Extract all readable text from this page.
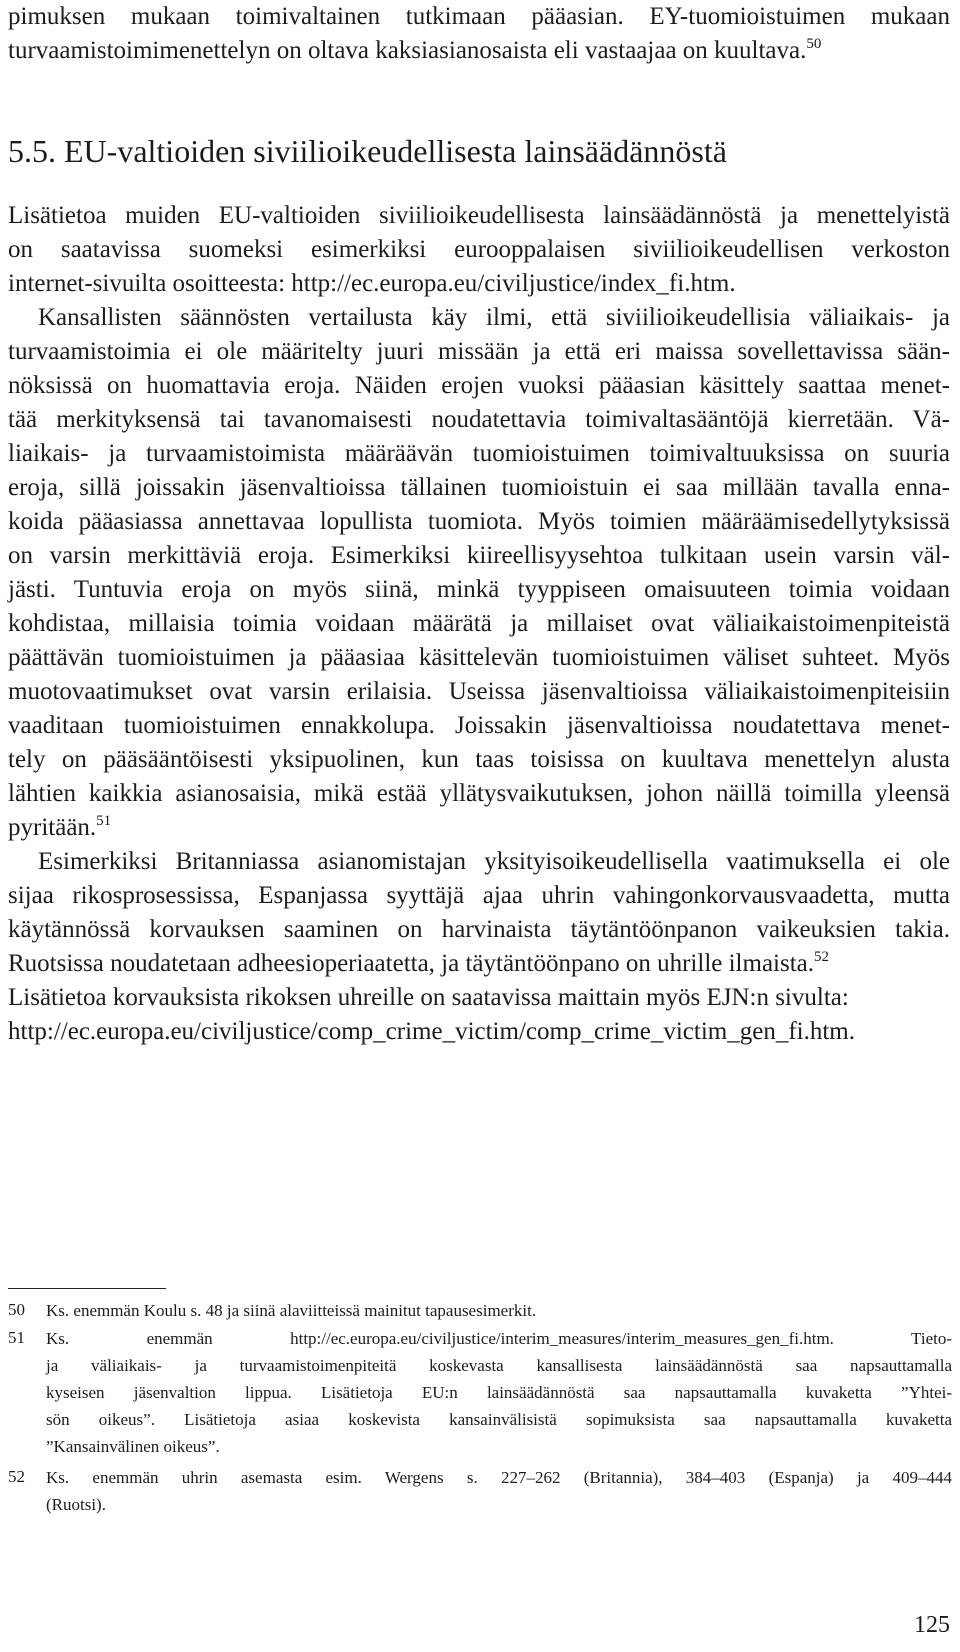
pimuksen mukaan toimivaltainen tutkimaan pääasian. EY-tuomioistuimen mukaan
turvaamistoimimenettelyn on oltava kaksiasianosaista eli vastaajaa on kuultava.$^{50}$
5.5. EU-valtioiden siviilioikeudellisesta lainsäädännöstä
Lisätietoa muiden EU-valtioiden siviilioikeudellisesta lainsäädännöstä ja menettelyistä
on saatavissa suomeksi esimerkiksi eurooppalaisen siviilioikeudellisen verkoston
internet-sivuilta osoitteesta: http://ec.europa.eu/civiljustice/index_fi.htm.
Kansallisten säännösten vertailusta käy ilmi, että siviilioikeudellisia väliaikais- ja
turvaamistoimia ei ole määritelty juuri missään ja että eri maissa sovellettavissa sään-
nöksissä on huomattavia eroja. Näiden erojen vuoksi pääasian käsittely saattaa menet-
tää merkityksensä tai tavanomaisesti noudatettavia toimivaltasääntöjä kierretään. Vä-
liaikais- ja turvaamistoimista määräävän tuomioistuimen toimivaltuuksissa on suuria
eroja, sillä joissakin jäsenvaltioissa tällainen tuomioistuin ei saa millään tavalla enna-
koida pääasiassa annettavaa lopullista tuomiota. Myös toimien määräämisedellytyksissä
on varsin merkittäviä eroja. Esimerkiksi kiireellisyysehtoa tulkitaan usein varsin väl-
jästi. Tuntuvia eroja on myös siinä, minkä tyyppiseen omaisuuteen toimia voidaan
kohdistaa, millaisia toimia voidaan määrätä ja millaiset ovat väliaikaistoimenpiteistä
päättävän tuomioistuimen ja pääasiaa käsittelevän tuomioistuimen väliset suhteet. Myös
muotovaatimukset ovat varsin erilaisia. Useissa jäsenvaltioissa väliaikaistoimenpiteisiin
vaaditaan tuomioistuimen ennakkolupa. Joissakin jäsenvaltioissa noudatettava menet-
tely on pääsääntöisesti yksipuolinen, kun taas toisissa on kuultava menettelyn alusta
lähtien kaikkia asianosaisia, mikä estää yllätysvaikutuksen, johon näillä toimilla yleensä
pyritään.$^{51}$
Esimerkiksi Britanniassa asianomistajan yksityisoikeudellisella vaatimuksella ei ole
sijaa rikosprosessissa, Espanjassa syyttäjä ajaa uhrin vahingonkorvausvaadetta, mutta
käytännössä korvauksen saaminen on harvinaista täytäntöönpanon vaikeuksien takia.
Ruotsissa noudatetaan adheesioperiaatetta, ja täytäntöönpano on uhrille ilmaista.$^{52}$
Lisätietoa korvauksista rikoksen uhreille on saatavissa maittain myös EJN:n sivulta:
http://ec.europa.eu/civiljustice/comp_crime_victim/comp_crime_victim_gen_fi.htm.
50	Ks. enemmän Koulu s. 48 ja siinä alaviitteissä mainitut tapausesimerkit.
51	Ks. enemmän http://ec.europa.eu/civiljustice/interim_measures/interim_measures_gen_fi.htm. Tieto-
ja väliaikais- ja turvaamistoimenpiteitä koskevasta kansallisesta lainsäädännöstä saa napsauttamalla
kyseisen jäsenvaltion lippua. Lisätietoja EU:n lainsäädännöstä saa napsauttamalla kuvaketta ”Yhtei-
sön oikeus”. Lisätietoja asiaa koskevista kansainvälisistä sopimuksista saa napsauttamalla kuvaketta
”Kansainvälinen oikeus”.
52	Ks. enemmän uhrin asemasta esim. Wergens s. 227–262 (Britannia), 384–403 (Espanja) ja 409–444
(Ruotsi).
125
